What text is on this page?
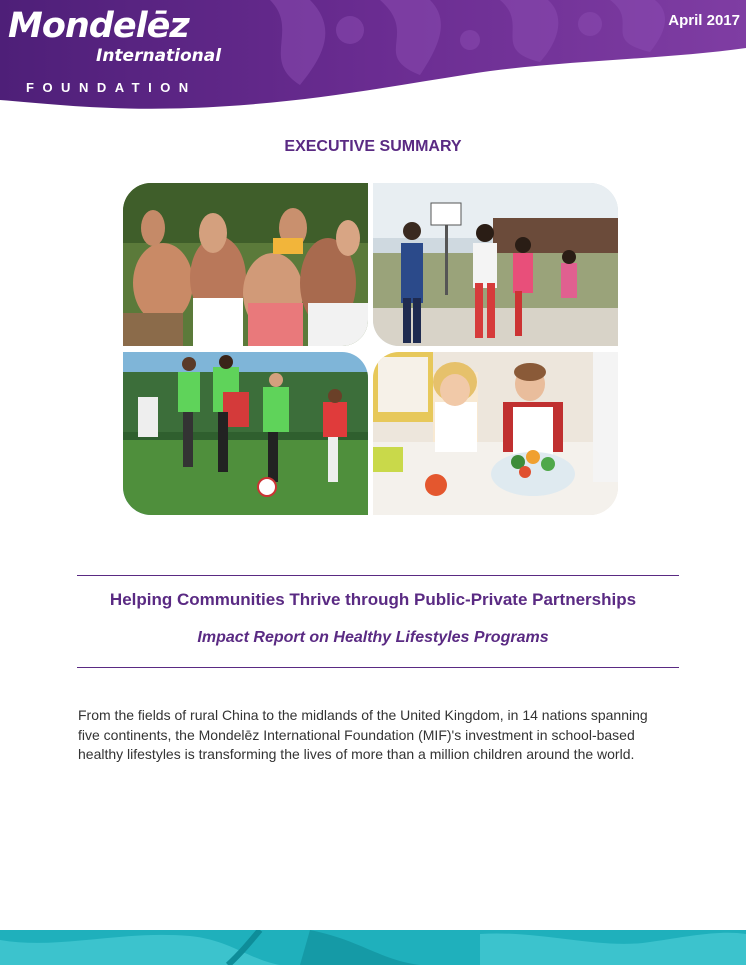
Mondelēz
International
FOUNDATION
April 2017
EXECUTIVE SUMMARY
Helping Communities Thrive through Public-Private Partnerships
Impact Report on Healthy Lifestyles Programs
From the fields of rural China to the midlands of the United Kingdom, in 14 nations spanning five continents, the Mondelēz International Foundation (MIF)'s investment in school-based healthy lifestyles is transforming the lives of more than a million children around the world.
